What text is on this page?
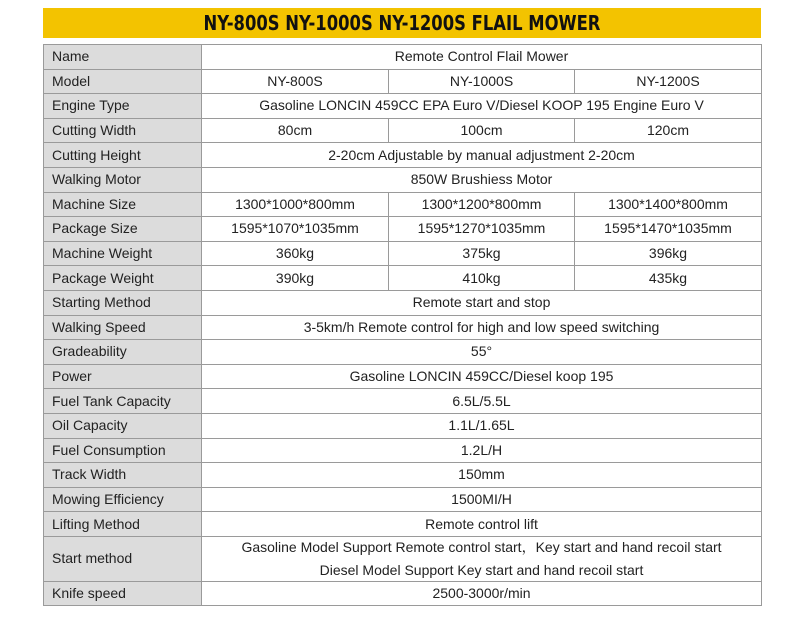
NY-800S NY-1000S NY-1200S FLAIL MOWER
Name	Remote Control Flail Mower		
Model	NY-800S	NY-1000S	NY-1200S
Engine Type	Gasoline LONCIN 459CC EPA Euro V/Diesel KOOP 195 Engine Euro V		
Cutting Width	80cm	100cm	120cm
Cutting Height	2-20cm Adjustable by manual adjustment 2-20cm		
Walking Motor	850W Brushiess Motor		
Machine Size	1300*1000*800mm	1300*1200*800mm	1300*1400*800mm
Package Size	1595*1070*1035mm	1595*1270*1035mm	1595*1470*1035mm
Machine Weight	360kg	375kg	396kg
Package Weight	390kg	410kg	435kg
Starting Method	Remote start and stop		
Walking Speed	3-5km/h Remote control for high and low speed switching		
Gradeability	55°		
Power	Gasoline LONCIN 459CC/Diesel koop 195		
Fuel Tank Capacity	6.5L/5.5L		
Oil Capacity	1.1L/1.65L		
Fuel Consumption	1.2L/H		
Track Width	150mm		
Mowing Efficiency	1500MI/H		
Lifting Method	Remote control lift		
Start method	Gasoline Model Support Remote control start，Key start and hand recoil start
Diesel Model Support Key start and hand recoil start		

Knife speed	2500-3000r/min		
